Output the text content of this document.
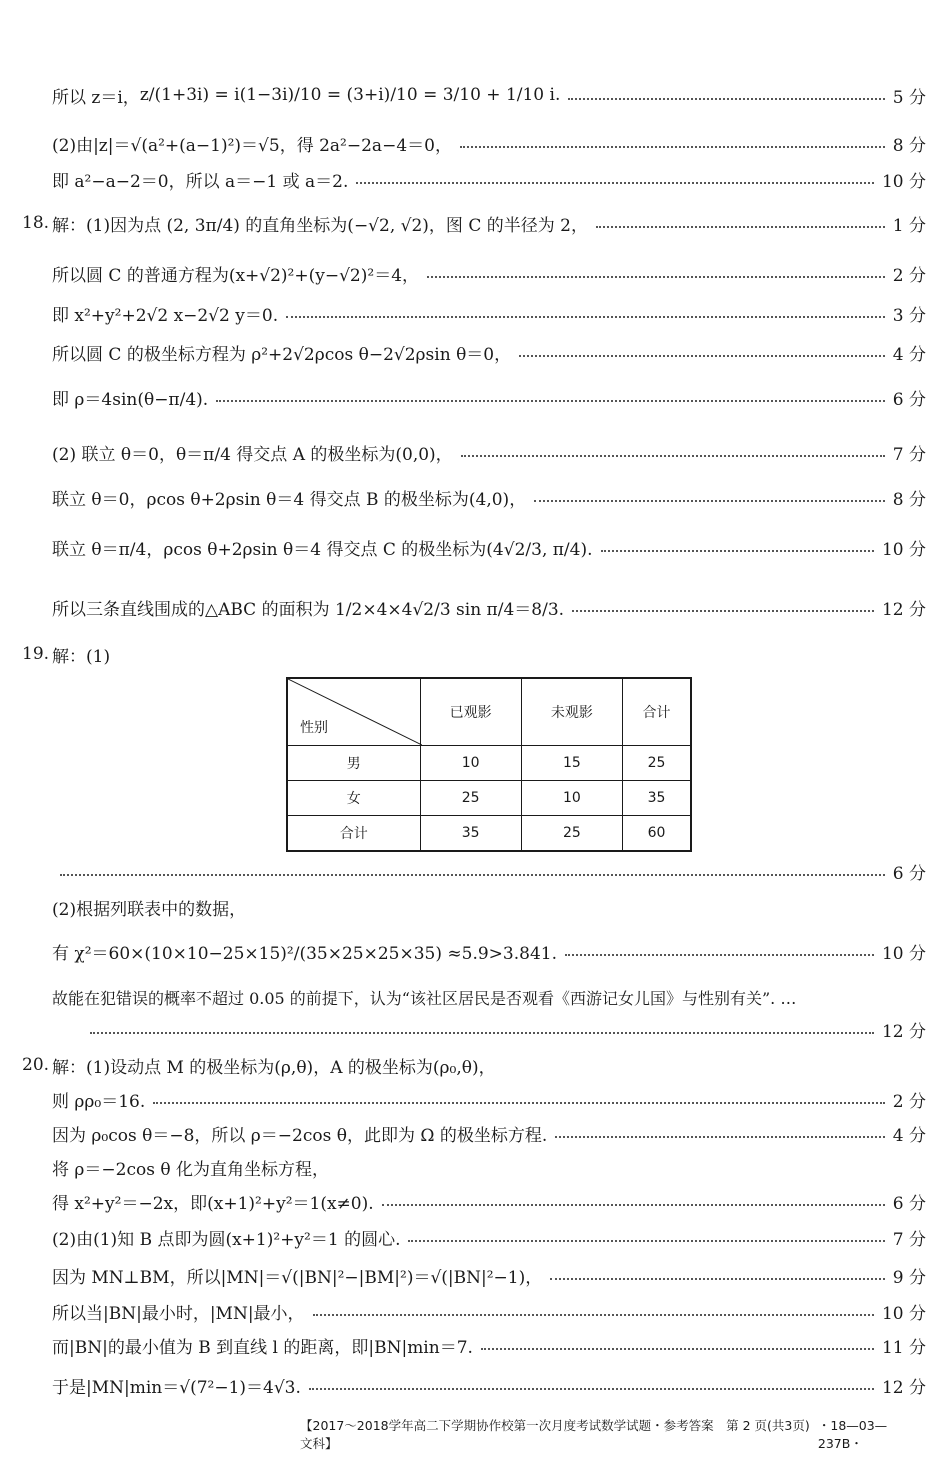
所以 z＝i， z/(1+3i) = i(1−3i)/10 = (3+i)/10 = 3/10 + 1/10 i.	5 分
(2)由|z|＝√(a²+(a−1)²)＝√5，得 2a²−2a−4＝0，	8 分
即 a²−a−2＝0，所以 a＝−1 或 a＝2.	10 分
18. 解：(1)因为点 (2, 3π/4) 的直角坐标为(−√2, √2)，图 C 的半径为 2，	1 分
所以圆 C 的普通方程为(x+√2)²+(y−√2)²＝4，	2 分
即 x²+y²+2√2 x−2√2 y＝0.	3 分
所以圆 C 的极坐标方程为 ρ²+2√2ρcos θ−2√2ρsin θ＝0，	4 分
即 ρ＝4sin(θ−π/4).	6 分
(2) 联立 θ＝0，θ＝π/4 得交点 A 的极坐标为(0,0)，	7 分
联立 θ＝0，ρcos θ+2ρsin θ＝4 得交点 B 的极坐标为(4,0)，	8 分
联立 θ＝π/4，ρcos θ+2ρsin θ＝4 得交点 C 的极坐标为(4√2/3, π/4).	10 分
所以三条直线围成的△ABC 的面积为 1/2×4×4√2/3 sin π/4＝8/3.	12 分
19. 解：(1)
性别	已观影	未观影	合计
男	10	15	25
女	25	10	35
合计	35	25	60
6 分
(2)根据列联表中的数据，
有 χ²＝60×(10×10−25×15)²/(35×25×25×35) ≈5.9>3.841.	10 分
故能在犯错误的概率不超过 0.05 的前提下，认为“该社区居民是否观看《西游记女儿国》与性别有关”. …
12 分
20. 解：(1)设动点 M 的极坐标为(ρ,θ)，A 的极坐标为(ρ₀,θ)，
则 ρρ₀＝16.	2 分
因为 ρ₀cos θ＝−8，所以 ρ＝−2cos θ，此即为 Ω 的极坐标方程.	4 分
将 ρ＝−2cos θ 化为直角坐标方程，
得 x²+y²＝−2x，即(x+1)²+y²＝1(x≠0).	6 分
(2)由(1)知 B 点即为圆(x+1)²+y²＝1 的圆心.	7 分
因为 MN⊥BM，所以|MN|＝√(|BN|²−|BM|²)＝√(|BN|²−1)，	9 分
所以当|BN|最小时，|MN|最小，	10 分
而|BN|的最小值为 B 到直线 l 的距离，即|BN|min＝7.	11 分
于是|MN|min＝√(7²−1)＝4√3.	12 分
【2017～2018学年高二下学期协作校第一次月度考试数学试题・参考答案　第 2 页(共3页)文科】
・18—03—237B・
